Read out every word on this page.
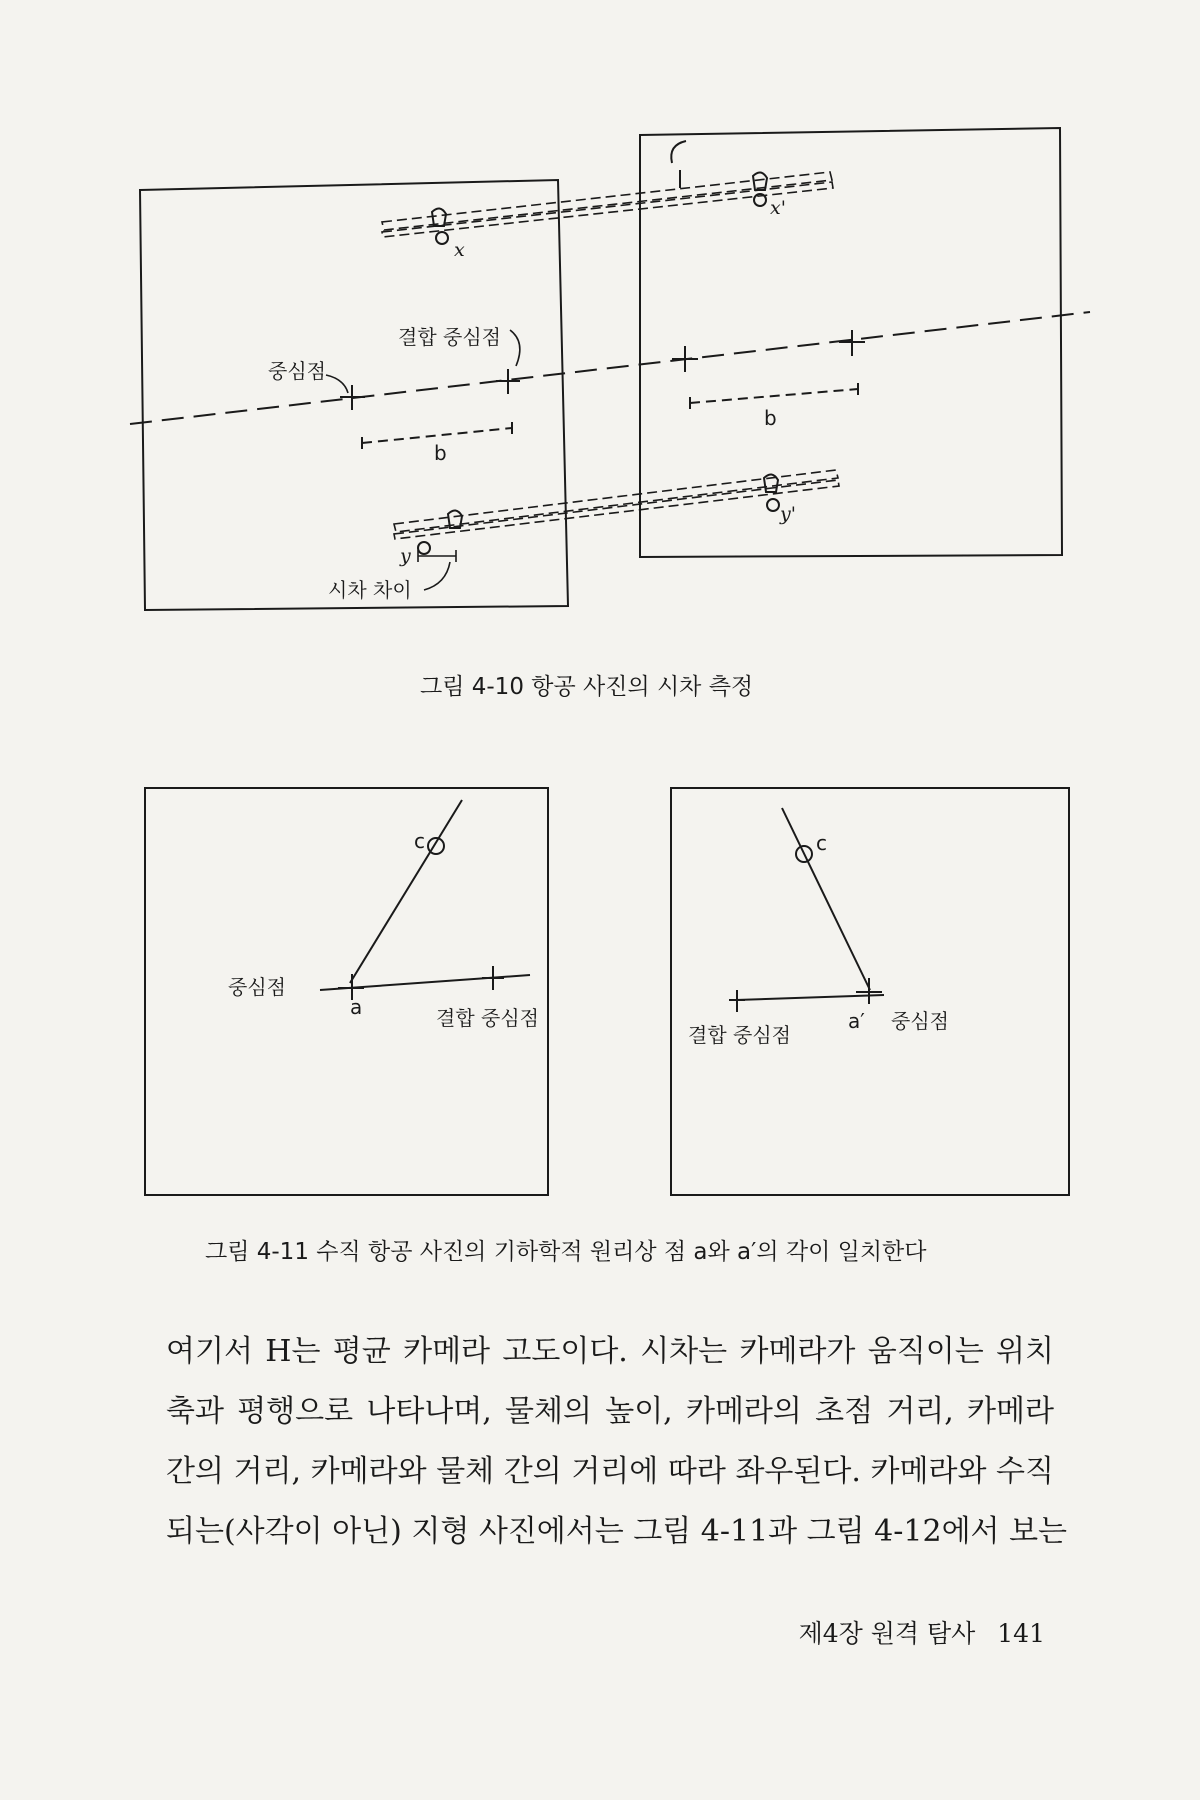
결합 중심점
중심점
b
b
시차 차이
x
y
x'
y'
중심점
결합 중심점
a
c
결합 중심점
중심점
a′
c

그림 4-10 항공 사진의 시차 측정

그림 4-11 수직 항공 사진의 기하학적 원리상 점 a와 a′의 각이 일치한다

여기서 H는 평균 카메라 고도이다. 시차는 카메라가 움직이는 위치
축과 평행으로 나타나며, 물체의 높이, 카메라의 초점 거리, 카메라
간의 거리, 카메라와 물체 간의 거리에 따라 좌우된다. 카메라와 수직
되는(사각이 아닌) 지형 사진에서는 그림 4-11과 그림 4-12에서 보는

제4장 원격 탐사 141
